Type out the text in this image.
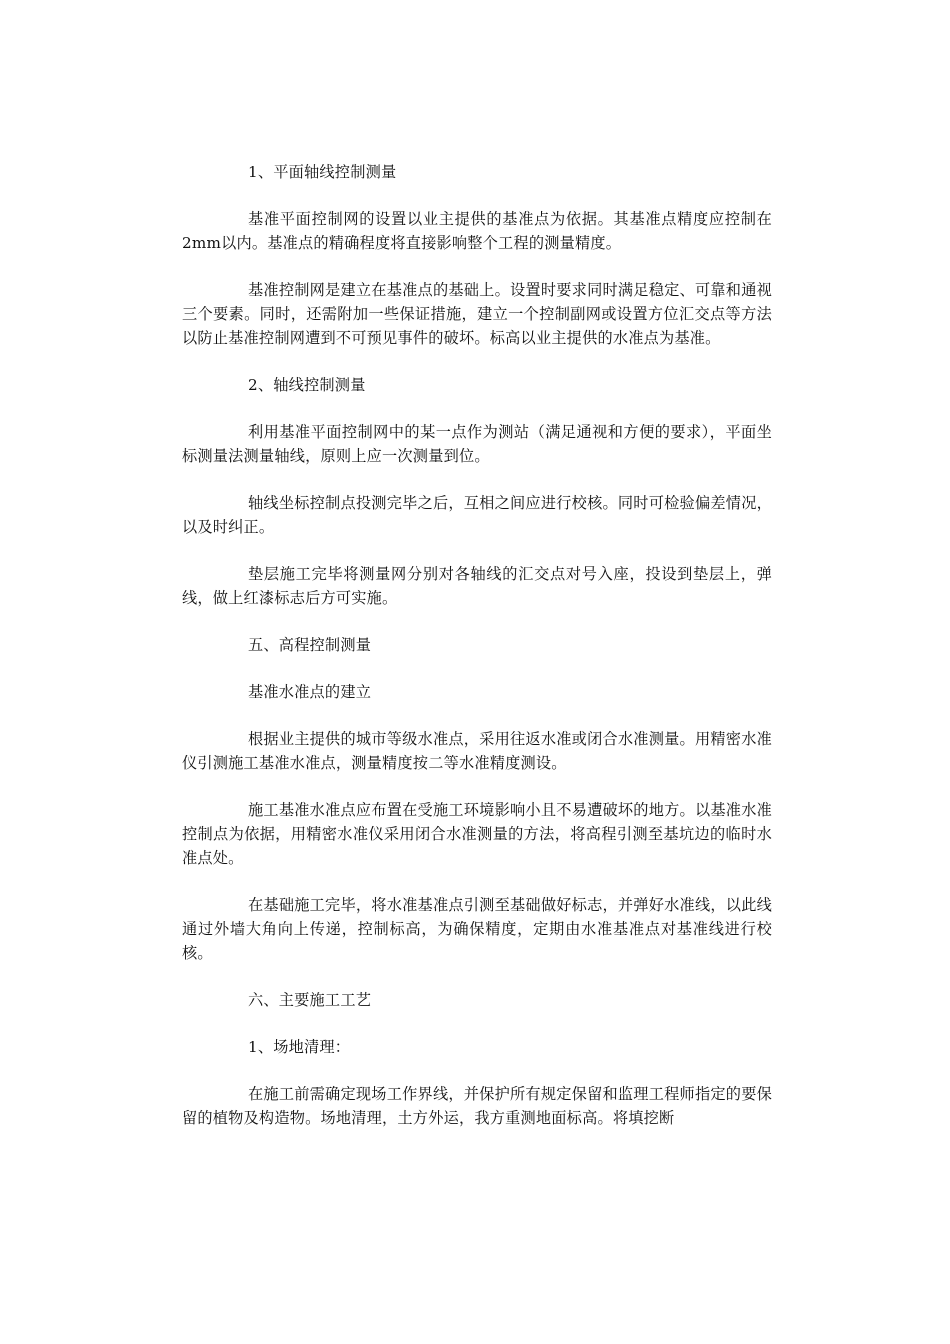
1、平面轴线控制测量

基准平面控制网的设置以业主提供的基准点为依据。其基准点精度应控制在2mm以内。基准点的精确程度将直接影响整个工程的测量精度。

基准控制网是建立在基准点的基础上。设置时要求同时满足稳定、可靠和通视三个要素。同时，还需附加一些保证措施，建立一个控制副网或设置方位汇交点等方法以防止基准控制网遭到不可预见事件的破坏。标高以业主提供的水准点为基准。

2、轴线控制测量

利用基准平面控制网中的某一点作为测站（满足通视和方便的要求），平面坐标测量法测量轴线，原则上应一次测量到位。

轴线坐标控制点投测完毕之后，互相之间应进行校核。同时可检验偏差情况，以及时纠正。

垫层施工完毕将测量网分别对各轴线的汇交点对号入座，投设到垫层上，弹线，做上红漆标志后方可实施。

五、高程控制测量

基准水准点的建立

根据业主提供的城市等级水准点，采用往返水准或闭合水准测量。用精密水准仪引测施工基准水准点，测量精度按二等水准精度测设。

施工基准水准点应布置在受施工环境影响小且不易遭破坏的地方。以基准水准控制点为依据，用精密水准仪采用闭合水准测量的方法，将高程引测至基坑边的临时水准点处。

在基础施工完毕，将水准基准点引测至基础做好标志，并弹好水准线，以此线通过外墙大角向上传递，控制标高，为确保精度，定期由水准基准点对基准线进行校核。

六、主要施工工艺

1、场地清理：

在施工前需确定现场工作界线，并保护所有规定保留和监理工程师指定的要保留的植物及构造物。场地清理，土方外运，我方重测地面标高。将填挖断
